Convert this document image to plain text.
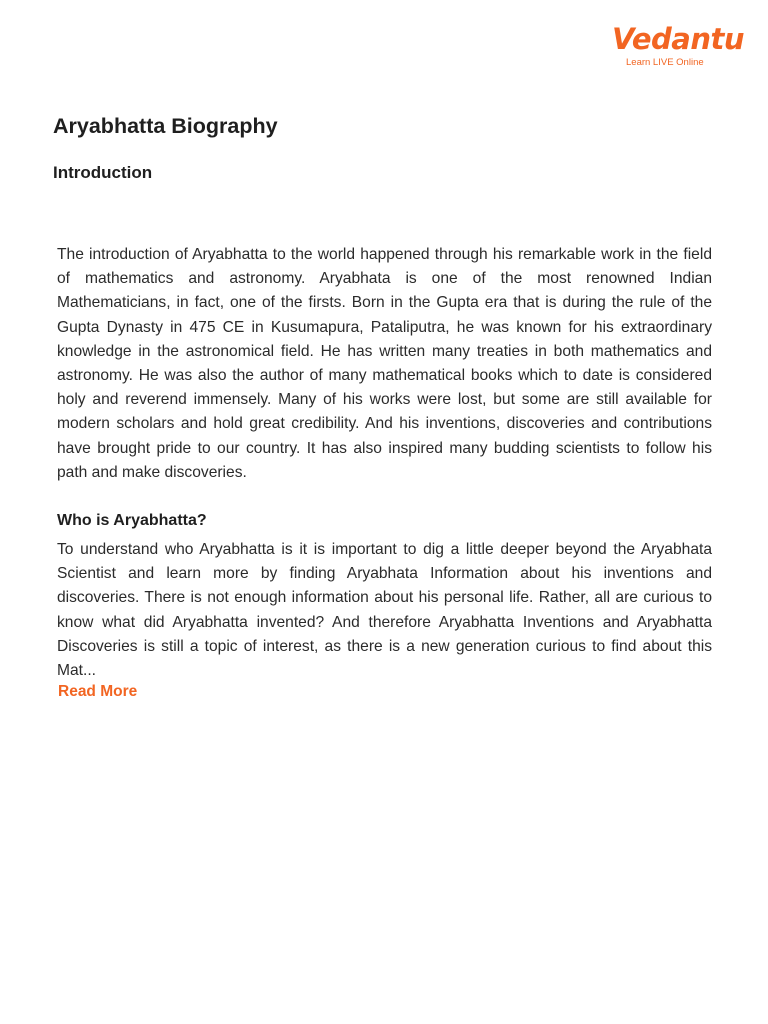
Vedantu
Learn LIVE Online
Aryabhatta Biography
Introduction

The introduction of Aryabhatta to the world happened through his remarkable work in the field of mathematics and astronomy. Aryabhata is one of the most renowned Indian Mathematicians, in fact, one of the firsts. Born in the Gupta era that is during the rule of the Gupta Dynasty in 475 CE in Kusumapura, Pataliputra, he was known for his extraordinary knowledge in the astronomical field. He has written many treaties in both mathematics and astronomy. He was also the author of many mathematical books which to date is considered holy and reverend immensely. Many of his works were lost, but some are still available for modern scholars and hold great credibility. And his inventions, discoveries and contributions have brought pride to our country. It has also inspired many budding scientists to follow his path and make discoveries.

Who is Aryabhatta?

To understand who Aryabhatta is it is important to dig a little deeper beyond the Aryabhata Scientist and learn more by finding Aryabhata Information about his inventions and discoveries. There is not enough information about his personal life. Rather, all are curious to know what did Aryabhatta invented? And therefore Aryabhatta Inventions and Aryabhatta Discoveries is still a topic of interest, as there is a new generation curious to find about this Mat...

Read More
